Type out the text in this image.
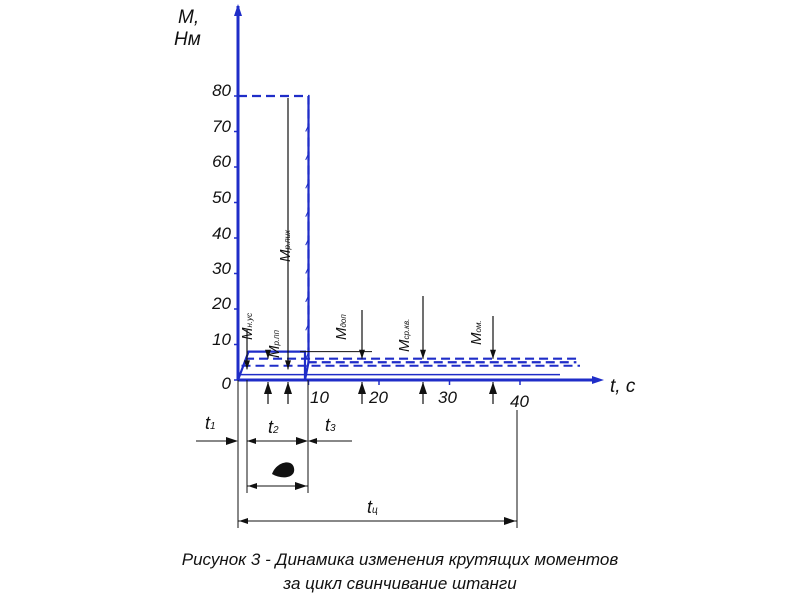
M,
Нм
t, c
80
70
60
50
40
30
20
10
0
10 20	30	40
Mн.ус
Mр.пп
Mр.пих
Mдоп
Mср.кв.	Mом.
t1	t2	t3
tц
Рисунок 3 - Динамика изменения крутящих моментов
за цикл свинчивание штанги
